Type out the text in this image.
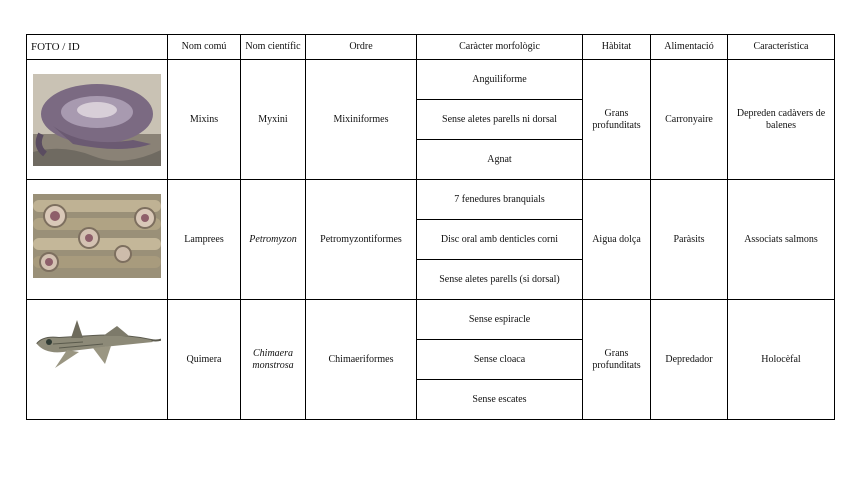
FOTO / ID	Nom comú	Nom científic	Ordre	Caràcter morfològic	Hàbitat	Alimentació	Característica

	Mixins	Myxini	Mixiniformes	Anguiliforme	Grans profunditats	Carronyaire	Depreden cadàvers de balenes
				Sense aletes parells ni dorsal			
				Agnat			

	Lamprees	Petromyzon	Petromyzontiformes	7 fenedures branquials	Aigua dolça	Paràsits	Associats salmons
				Disc oral amb denticles corni			
				Sense aletes parells (si dorsal)			

	Quimera	Chimaera monstrosa	Chimaeriformes	Sense espiracle	Grans profunditats	Depredador	Holocèfal
				Sense cloaca			
				Sense escates			
